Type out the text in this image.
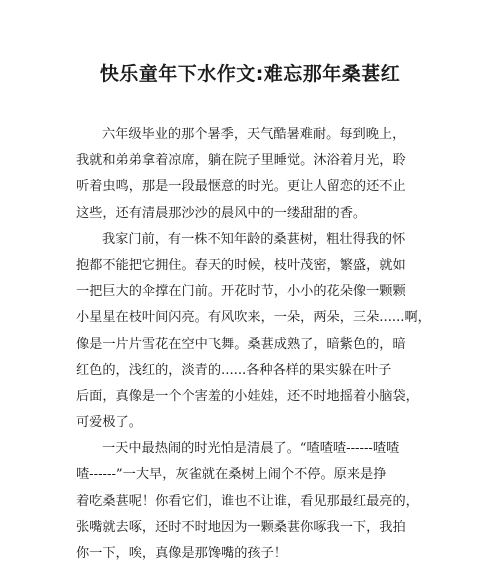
快乐童年下水作文:难忘那年桑葚红
六年级毕业的那个暑季，天气酷暑难耐。每到晚上，
我就和弟弟拿着凉席，躺在院子里睡觉。沐浴着月光，聆
听着虫鸣，那是一段最惬意的时光。更让人留恋的还不止
这些，还有清晨那沙沙的晨风中的一缕甜甜的香。
我家门前，有一株不知年龄的桑葚树，粗壮得我的怀
抱都不能把它拥住。春天的时候，枝叶茂密，繁盛，就如
一把巨大的伞撑在门前。开花时节，小小的花朵像一颗颗
小星星在枝叶间闪亮。有风吹来，一朵，两朵，三朵......啊，
像是一片片雪花在空中飞舞。桑葚成熟了，暗紫色的，暗
红色的，浅红的，淡青的......各种各样的果实躲在叶子
后面，真像是一个个害羞的小娃娃，还不时地摇着小脑袋，
可爱极了。
一天中最热闹的时光怕是清晨了。“喳喳喳------喳喳
喳------”一大早，灰雀就在桑树上闹个不停。原来是挣
着吃桑葚呢！你看它们，谁也不让谁，看见那最红最亮的，
张嘴就去啄，还时不时地因为一颗桑葚你啄我一下，我拍
你一下，唉，真像是那馋嘴的孩子！
